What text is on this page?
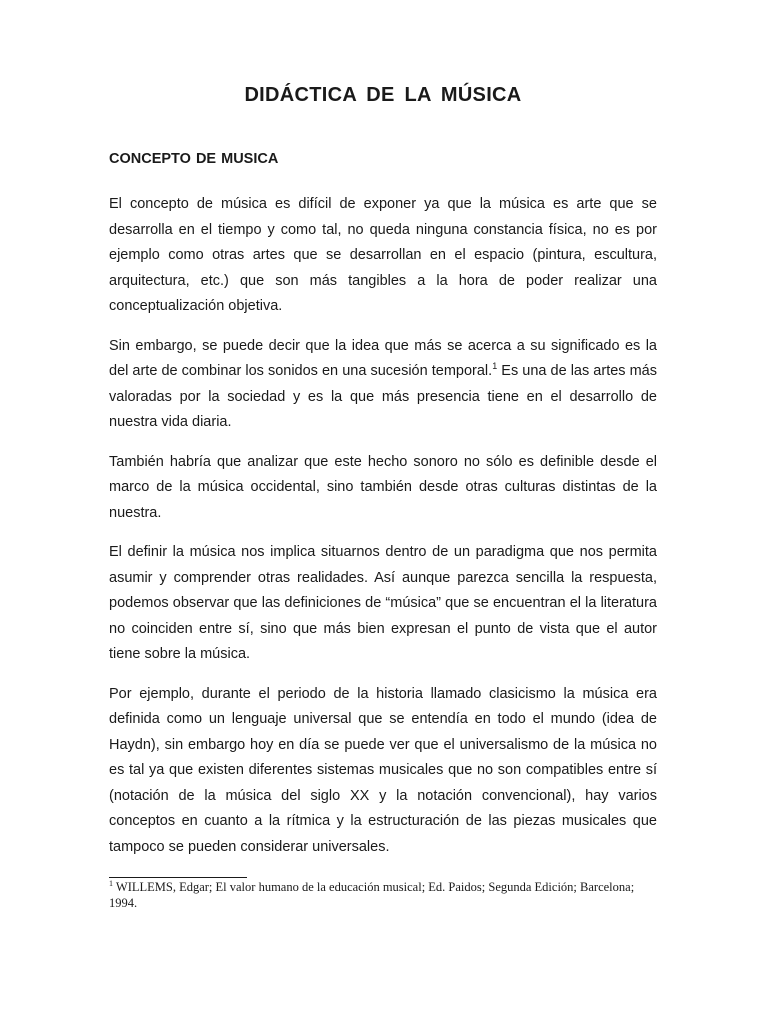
DIDÁCTICA DE LA MÚSICA
CONCEPTO DE MUSICA

El concepto de música es difícil de exponer ya que la música es arte que se desarrolla en el tiempo y como tal, no queda ninguna constancia física, no es por ejemplo como otras artes que se desarrollan en el espacio (pintura, escultura, arquitectura, etc.) que son más tangibles a la hora de poder realizar una conceptualización objetiva.

Sin embargo, se puede decir que la idea que más se acerca a su significado es la del arte de combinar los sonidos en una sucesión temporal.$^1$ Es una de las artes más valoradas por la sociedad y es la que más presencia tiene en el desarrollo de nuestra vida diaria.

También habría que analizar que este hecho sonoro no sólo es definible desde el marco de la música occidental, sino también desde otras culturas distintas de la nuestra.

El definir la música nos implica situarnos dentro de un paradigma que nos permita asumir y comprender otras realidades. Así aunque parezca sencilla la respuesta, podemos observar que las definiciones de “música” que se encuentran el la literatura no coinciden entre sí, sino que más bien expresan el punto de vista que el autor tiene sobre la música.

Por ejemplo, durante el periodo de la historia llamado clasicismo la música era definida como un lenguaje universal que se entendía en todo el mundo (idea de Haydn), sin embargo hoy en día se puede ver que el universalismo de la música no es tal ya que existen diferentes sistemas musicales que no son compatibles entre sí (notación de la música del siglo XX y la notación convencional), hay varios conceptos en cuanto a la rítmica y la estructuración de las piezas musicales que tampoco se pueden considerar universales.

$^1$ WILLEMS, Edgar; El valor humano de la educación musical; Ed. Paidos; Segunda Edición; Barcelona; 1994.
